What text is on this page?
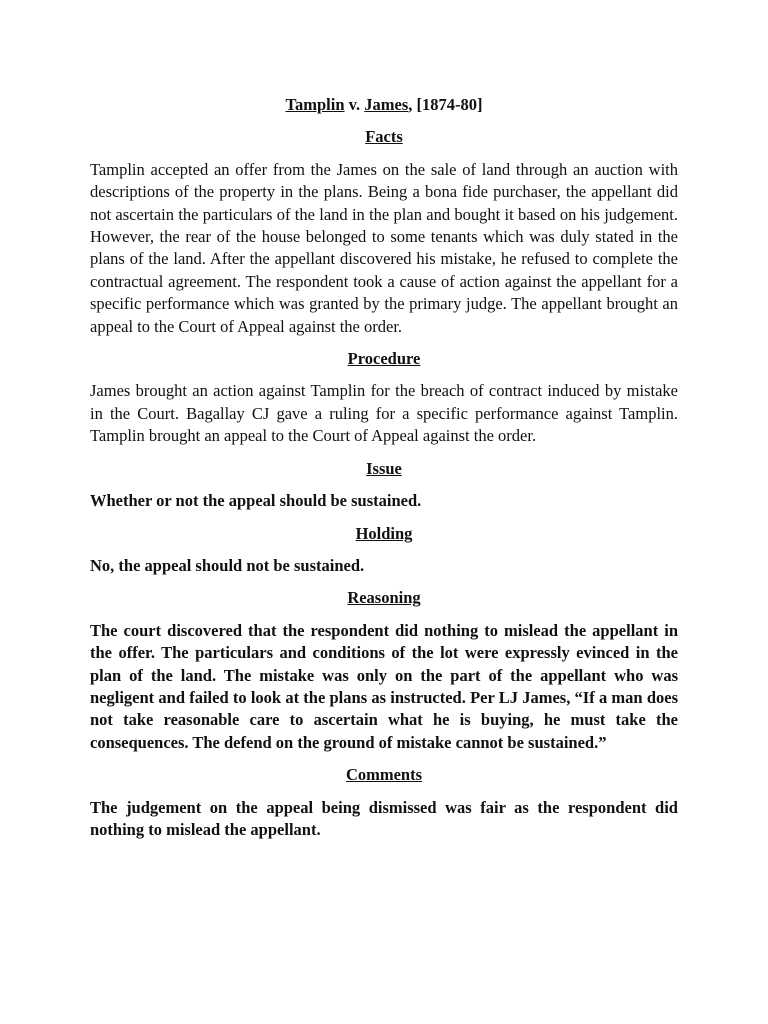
Tamplin v. James, [1874-80]
Facts

Tamplin accepted an offer from the James on the sale of land through an auction with descriptions of the property in the plans. Being a bona fide purchaser, the appellant did not ascertain the particulars of the land in the plan and bought it based on his judgement. However, the rear of the house belonged to some tenants which was duly stated in the plans of the land. After the appellant discovered his mistake, he refused to complete the contractual agreement. The respondent took a cause of action against the appellant for a specific performance which was granted by the primary judge. The appellant brought an appeal to the Court of Appeal against the order.

Procedure

James brought an action against Tamplin for the breach of contract induced by mistake in the Court. Bagallay CJ gave a ruling for a specific performance against Tamplin. Tamplin brought an appeal to the Court of Appeal against the order.

Issue

Whether or not the appeal should be sustained.

Holding

No, the appeal should not be sustained.

Reasoning

The court discovered that the respondent did nothing to mislead the appellant in the offer. The particulars and conditions of the lot were expressly evinced in the plan of the land. The mistake was only on the part of the appellant who was negligent and failed to look at the plans as instructed. Per LJ James, “If a man does not take reasonable care to ascertain what he is buying, he must take the consequences. The defend on the ground of mistake cannot be sustained.”

Comments

The judgement on the appeal being dismissed was fair as the respondent did nothing to mislead the appellant.
